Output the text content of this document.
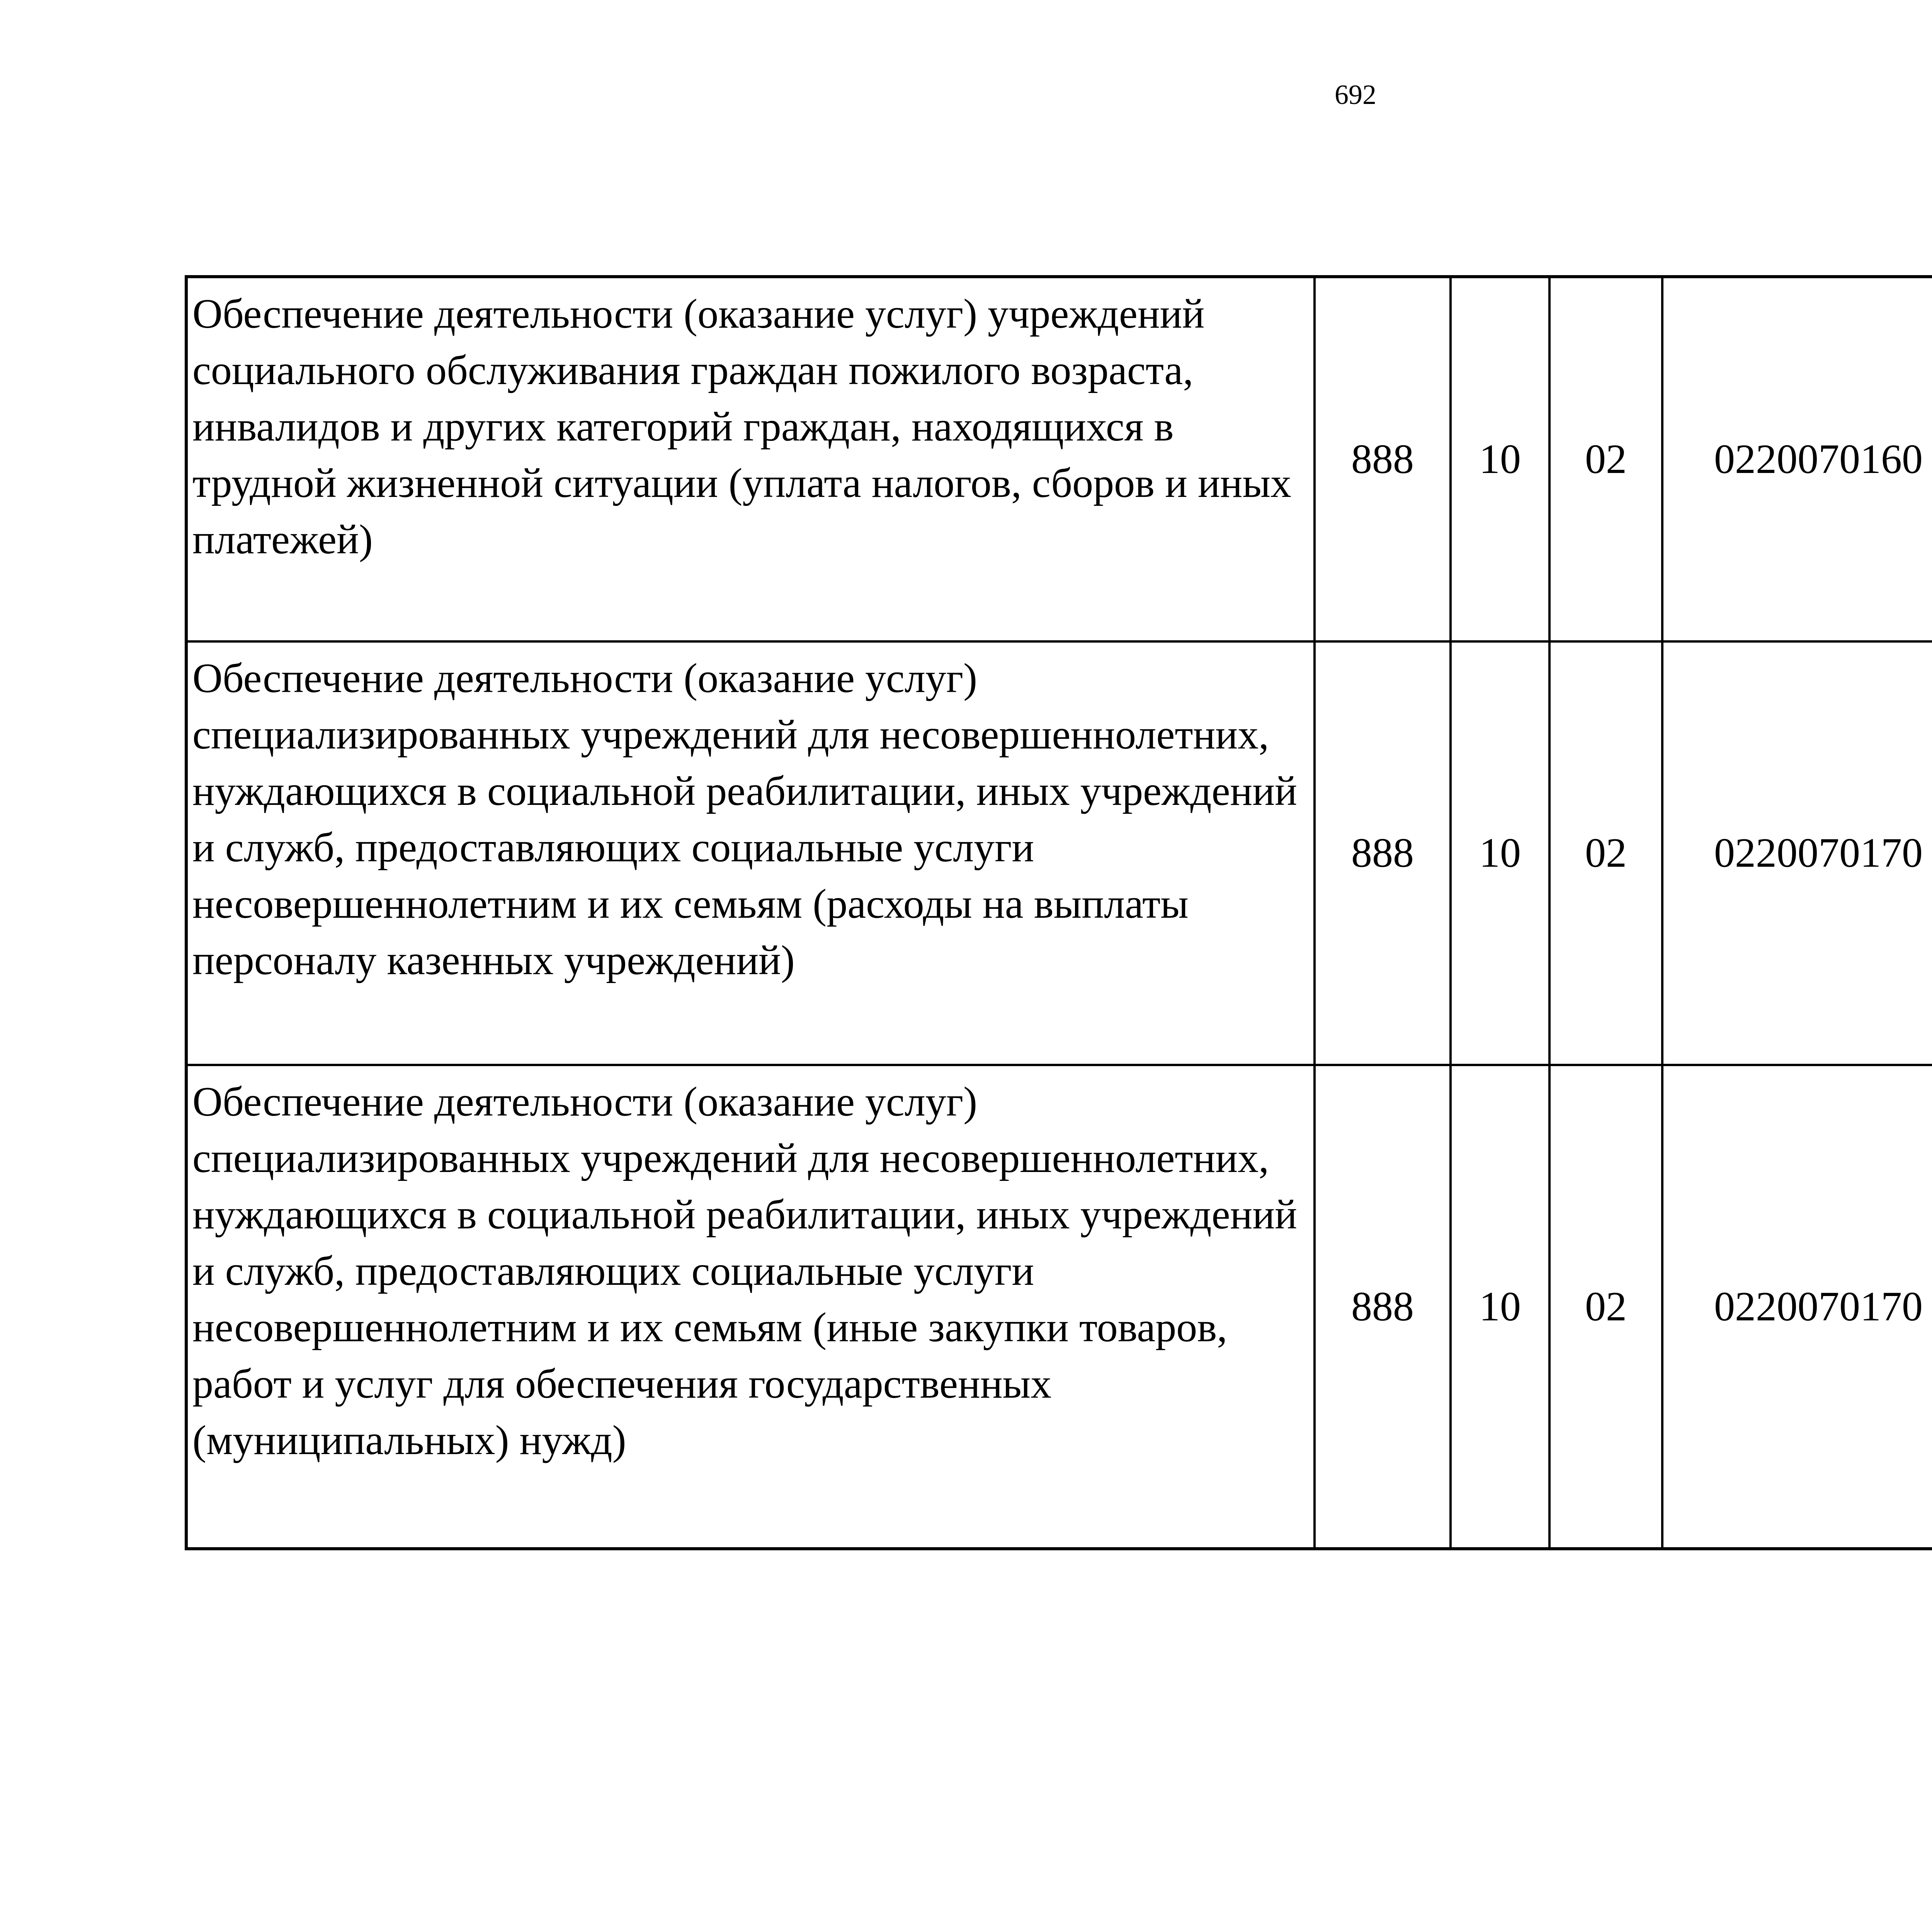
692
Обеспечение деятельности (оказание услуг) учреждений социального обслуживания граждан пожилого возраста, инвалидов и других категорий граждан, находящихся в трудной жизненной ситуации (уплата налогов, сборов и иных платежей)	888	10	02	0220070160		
Обеспечение деятельности (оказание услуг) специализированных учреждений для несовершеннолетних, нуждающихся в социальной реабилитации, иных учреждений и служб, предоставляющих социальные услуги несовершеннолетним и их семьям (расходы на выплаты персоналу казенных учреждений)	888	10	02	0220070170		
Обеспечение деятельности (оказание услуг) специализированных учреждений для несовершеннолетних, нуждающихся в социальной реабилитации, иных учреждений и служб, предоставляющих социальные услуги несовершеннолетним и их семьям (иные закупки товаров, работ и услуг для обеспечения государственных (муниципальных) нужд)	888	10	02	0220070170		
